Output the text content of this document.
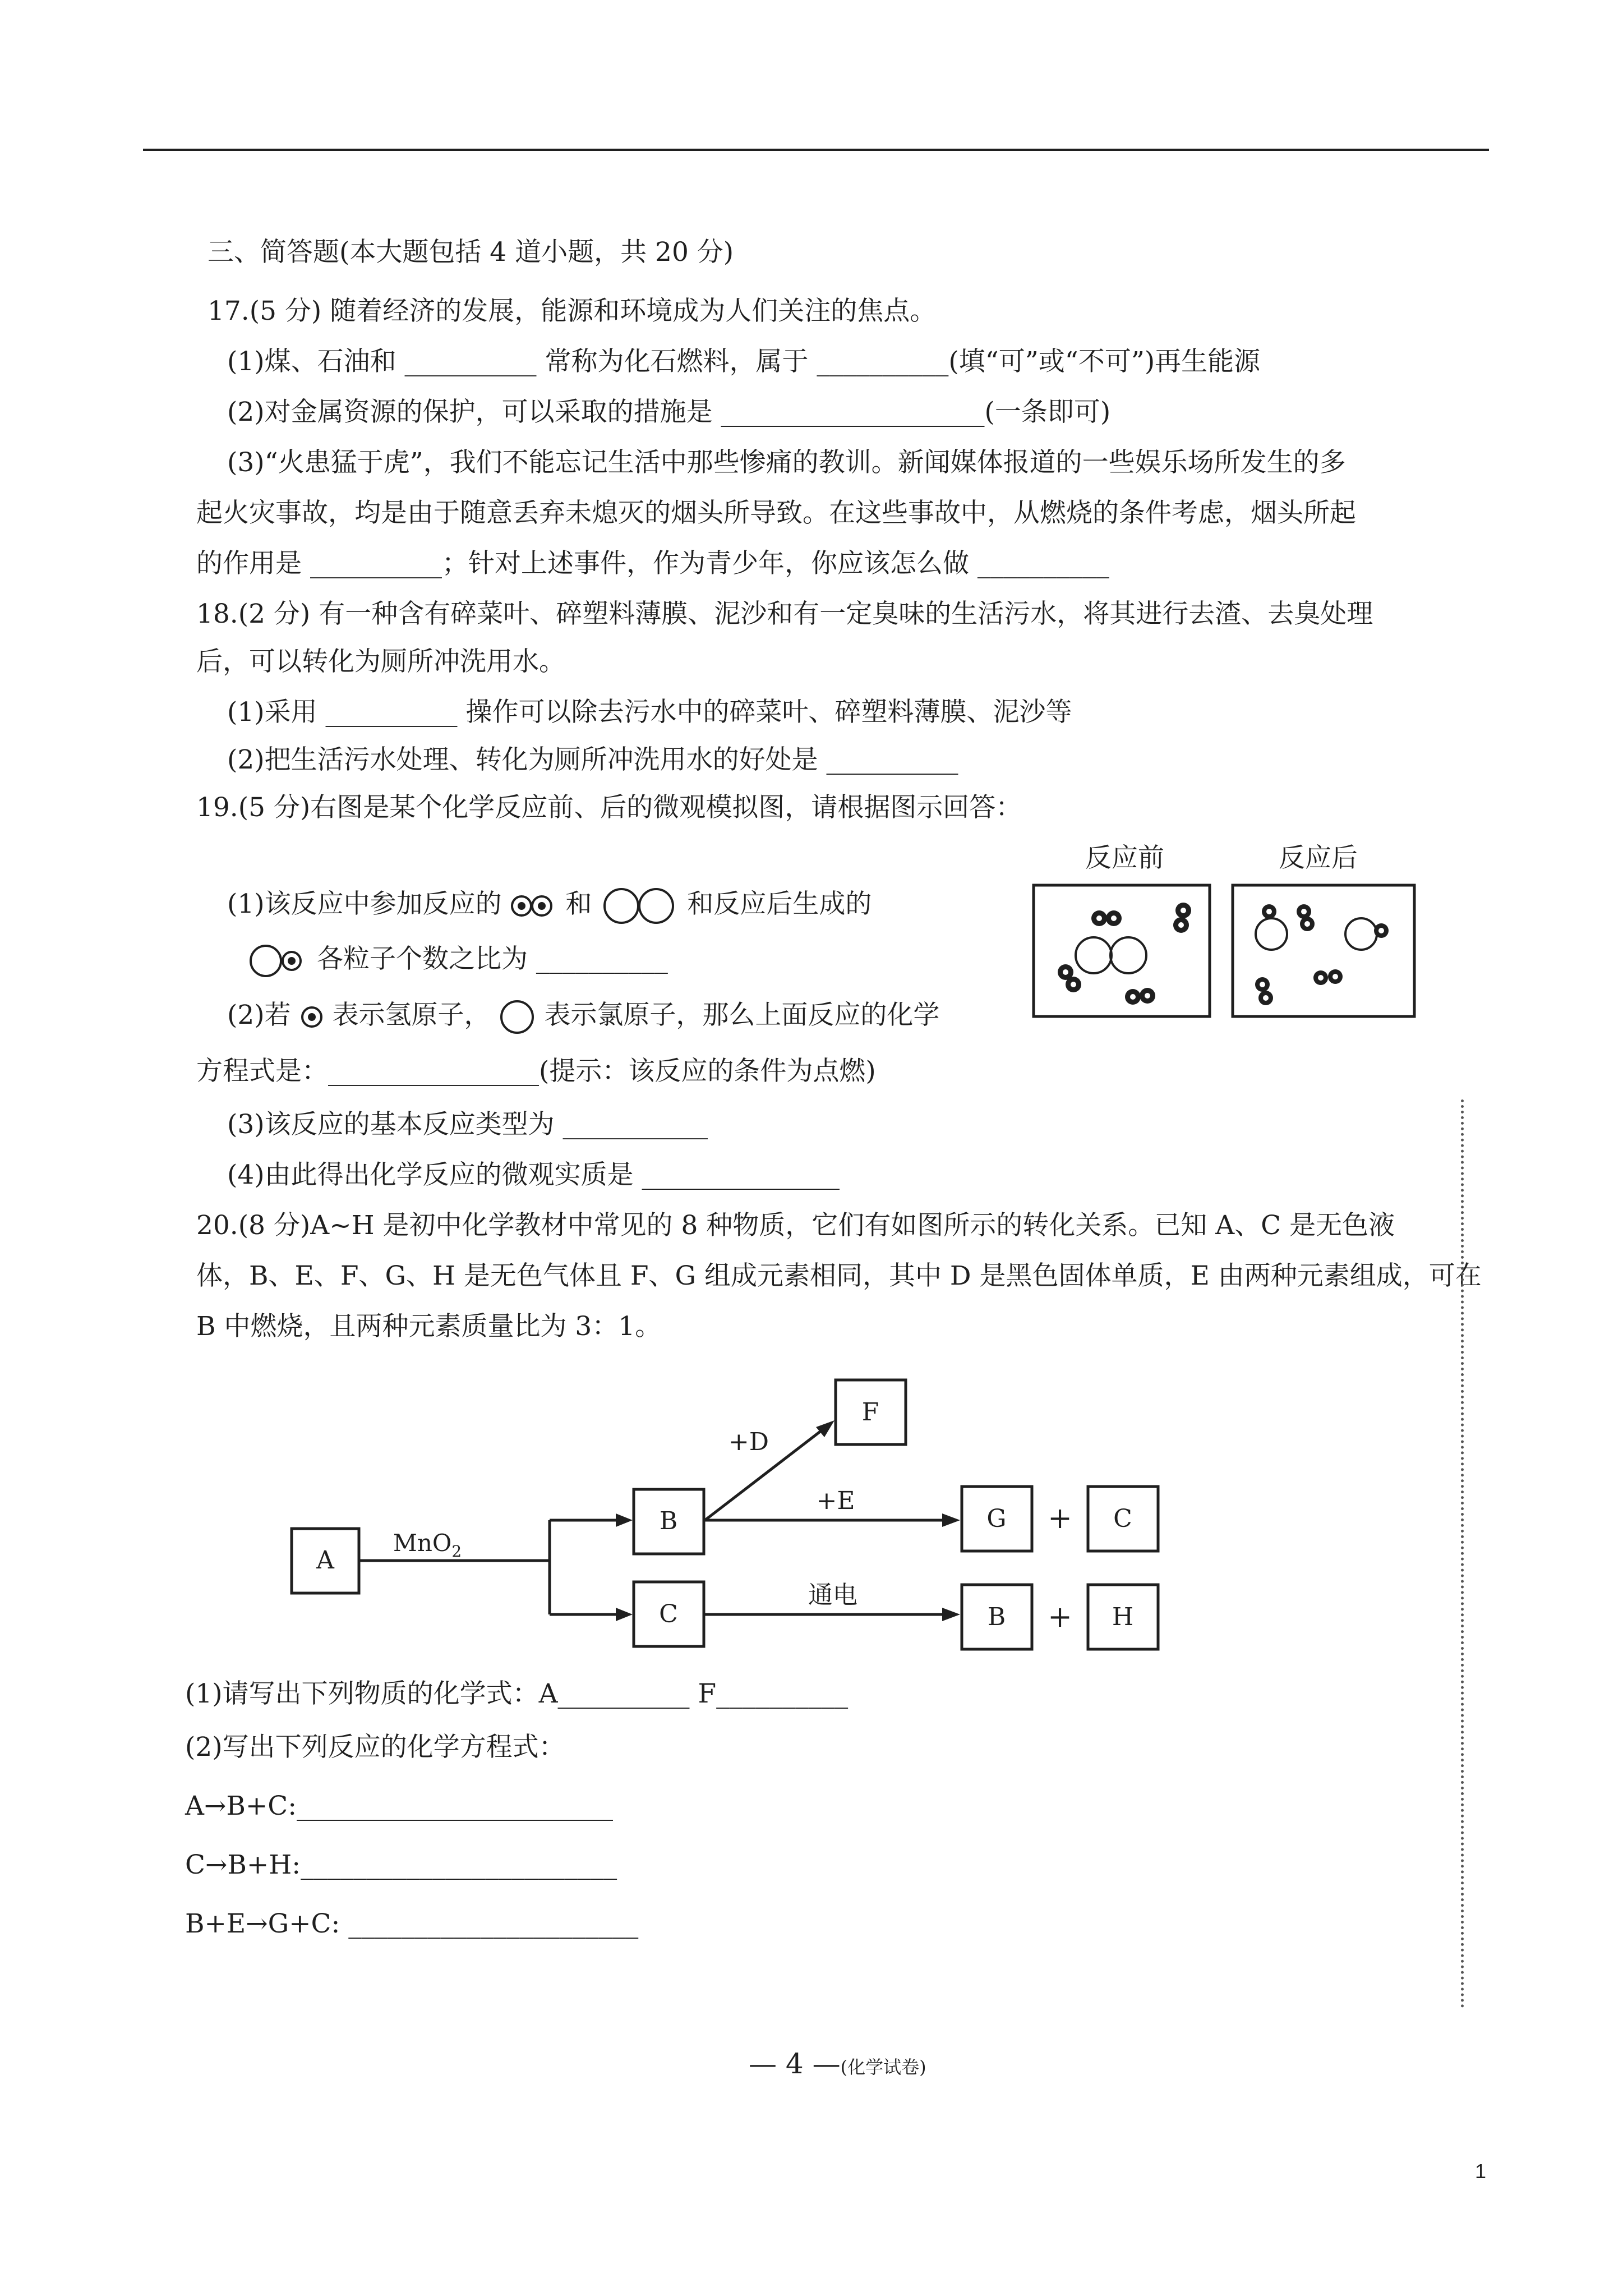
三、简答题(本大题包括 4 道小题，共 20 分)
17.(5 分) 随着经济的发展，能源和环境成为人们关注的焦点。
(1)煤、石油和 __________ 常称为化石燃料，属于 __________(填“可”或“不可”)再生能源
(2)对金属资源的保护，可以采取的措施是 ____________________(一条即可)
(3)“火患猛于虎”，我们不能忘记生活中那些惨痛的教训。新闻媒体报道的一些娱乐场所发生的多
起火灾事故，均是由于随意丢弃未熄灭的烟头所导致。在这些事故中，从燃烧的条件考虑，烟头所起
的作用是 __________；针对上述事件，作为青少年，你应该怎么做 __________
18.(2 分) 有一种含有碎菜叶、碎塑料薄膜、泥沙和有一定臭味的生活污水，将其进行去渣、去臭处理
后，可以转化为厕所冲洗用水。
(1)采用 __________ 操作可以除去污水中的碎菜叶、碎塑料薄膜、泥沙等
(2)把生活污水处理、转化为厕所冲洗用水的好处是 __________
19.(5 分)右图是某个化学反应前、后的微观模拟图，请根据图示回答：
(1)该反应中参加反应的 和	和反应后生成的
各粒子个数之比为 __________
(2)若 表示氢原子， 表示氯原子，那么上面反应的化学
方程式是：________________(提示：该反应的条件为点燃)
(3)该反应的基本反应类型为 ___________
(4)由此得出化学反应的微观实质是 _______________
反应前	反应后
20.(8 分)A~H 是初中化学教材中常见的 8 种物质，它们有如图所示的转化关系。已知 A、C 是无色液
体，B、E、F、G、H 是无色气体且 F、G 组成元素相同，其中 D 是黑色固体单质，E 由两种元素组成，可在
B 中燃烧，且两种元素质量比为 3：1。
A
B
C
F
G	C
B	H
+
+
+D
+E
通电
MnO$_2$
(1)请写出下列物质的化学式：A__________ F__________
(2)写出下列反应的化学方程式：
A→B+C:________________________
C→B+H:________________________
B+E→G+C: ______________________
— 4 —(化学试卷)
1
